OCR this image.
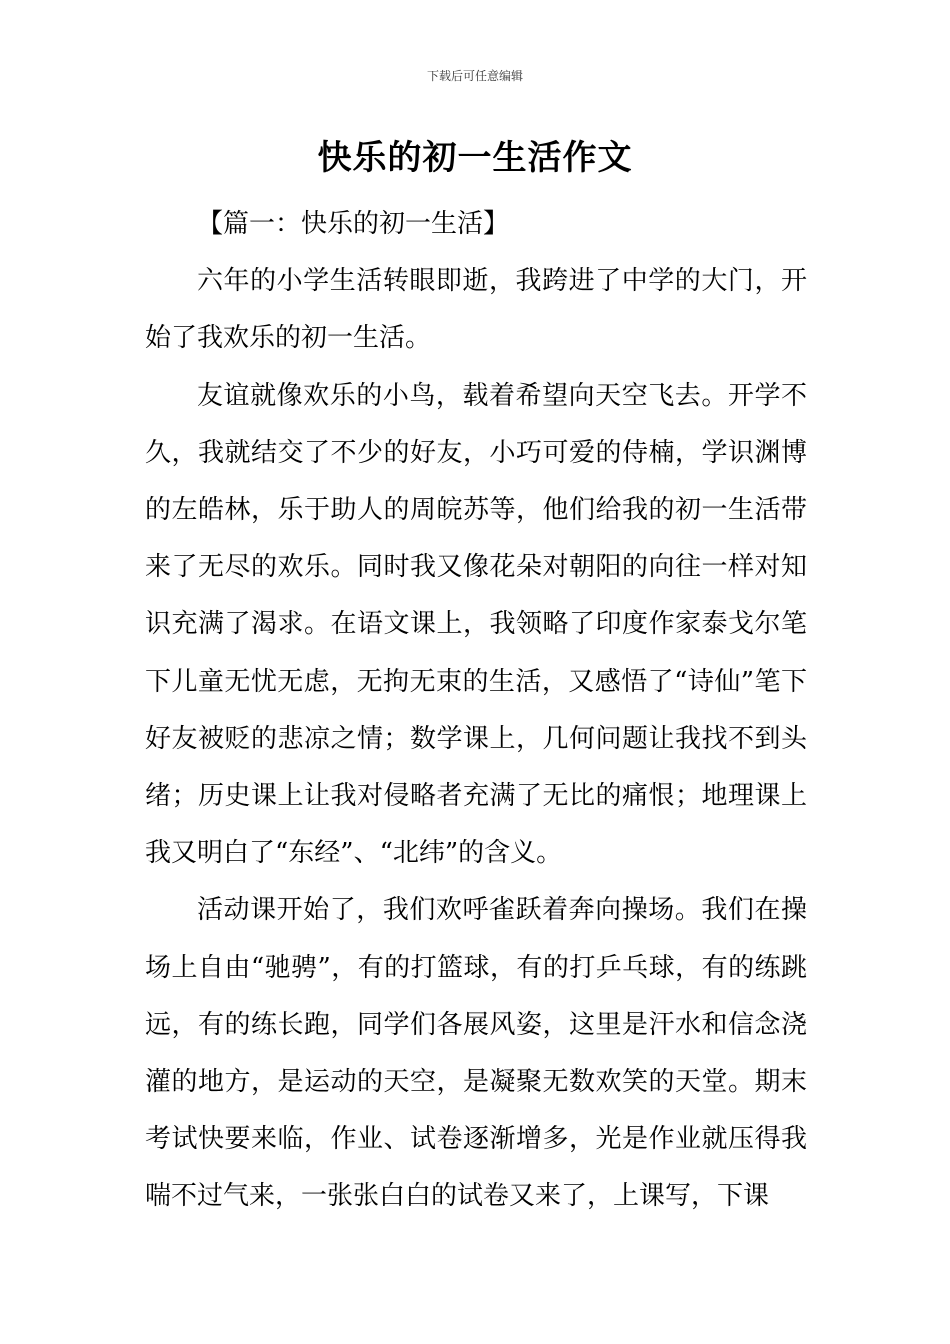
下载后可任意编辑
快乐的初一生活作文

【篇一：快乐的初一生活】

六年的小学生活转眼即逝，我跨进了中学的大门，开始了我欢乐的初一生活。

友谊就像欢乐的小鸟，载着希望向天空飞去。开学不久，我就结交了不少的好友，小巧可爱的侍楠，学识渊博的左皓林，乐于助人的周皖苏等，他们给我的初一生活带来了无尽的欢乐。同时我又像花朵对朝阳的向往一样对知识充满了渴求。在语文课上，我领略了印度作家泰戈尔笔下儿童无忧无虑，无拘无束的生活，又感悟了“诗仙”笔下好友被贬的悲凉之情；数学课上，几何问题让我找不到头绪；历史课上让我对侵略者充满了无比的痛恨；地理课上我又明白了“东经”、“北纬”的含义。

活动课开始了，我们欢呼雀跃着奔向操场。我们在操场上自由“驰骋”，有的打篮球，有的打乒乓球，有的练跳远，有的练长跑，同学们各展风姿，这里是汗水和信念浇灌的地方，是运动的天空，是凝聚无数欢笑的天堂。期末考试快要来临，作业、试卷逐渐增多，光是作业就压得我喘不过气来，一张张白白的试卷又来了，上课写，下课
